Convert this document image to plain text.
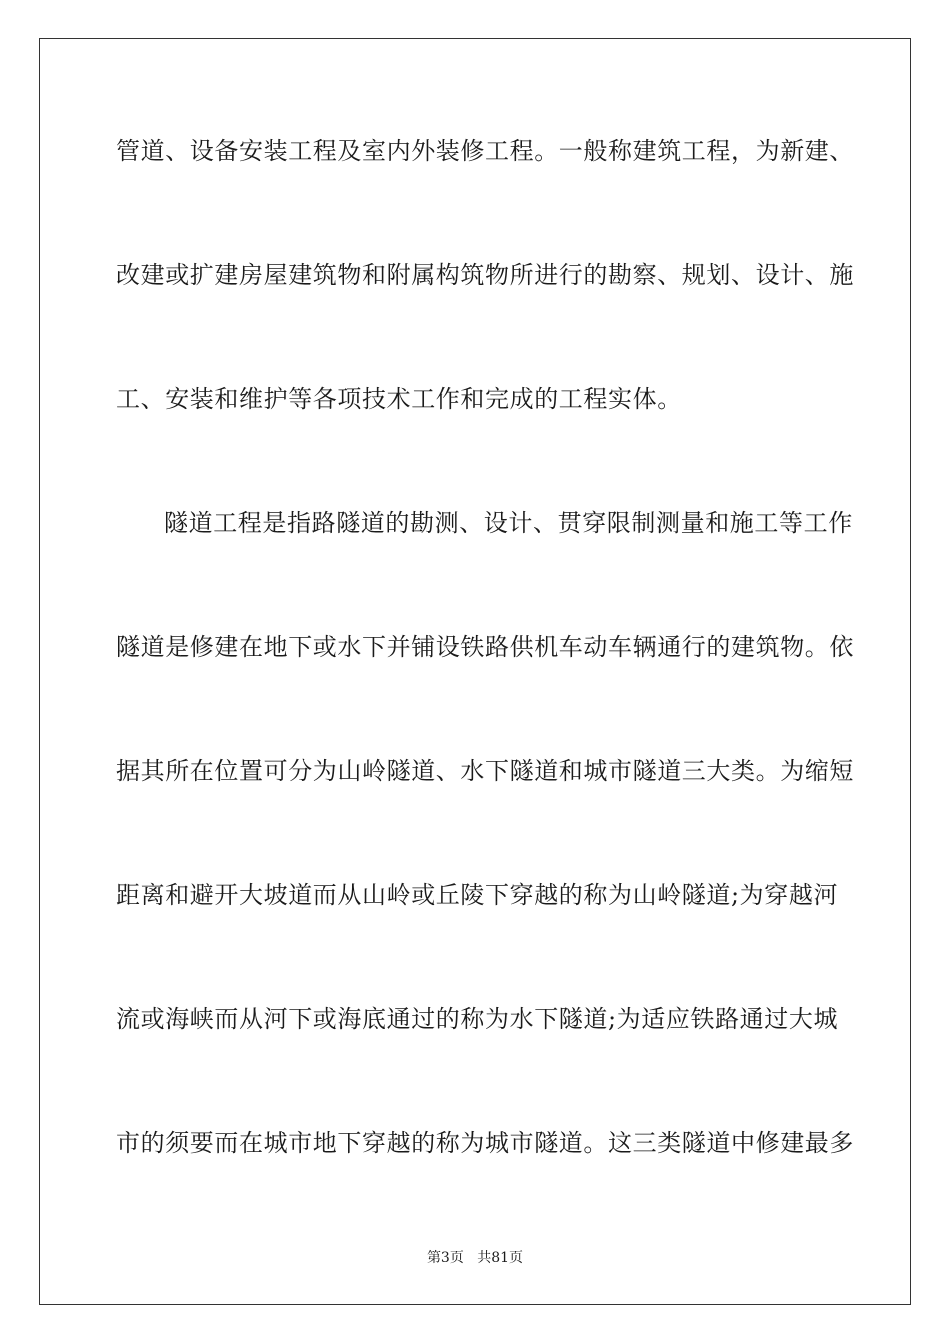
管道、设备安装工程及室内外装修工程。一般称建筑工程，为新建、
改建或扩建房屋建筑物和附属构筑物所进行的勘察、规划、设计、施
工、安装和维护等各项技术工作和完成的工程实体。
隧道工程是指路隧道的勘测、设计、贯穿限制测量和施工等工作
隧道是修建在地下或水下并铺设铁路供机车动车辆通行的建筑物。依
据其所在位置可分为山岭隧道、水下隧道和城市隧道三大类。为缩短
距离和避开大坡道而从山岭或丘陵下穿越的称为山岭隧道;为穿越河
流或海峡而从河下或海底通过的称为水下隧道;为适应铁路通过大城
市的须要而在城市地下穿越的称为城市隧道。这三类隧道中修建最多
第3页 共81页
